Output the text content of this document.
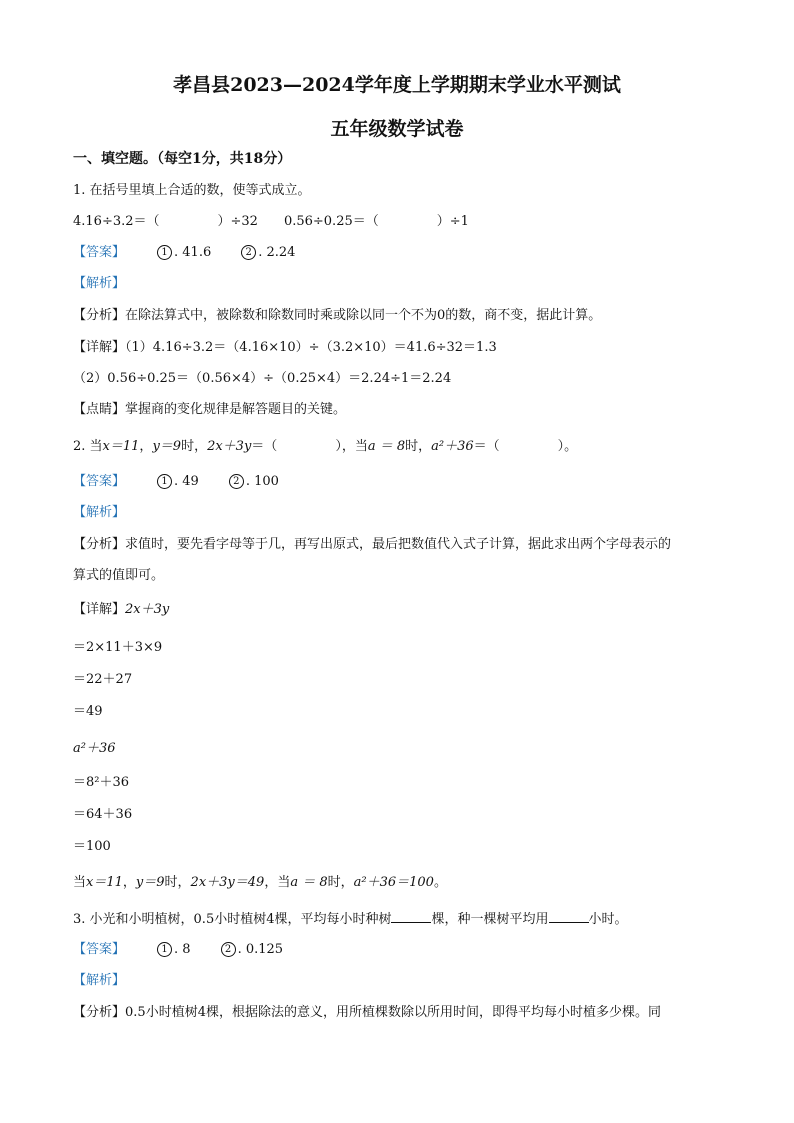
孝昌县2023—2024学年度上学期期末学业水平测试
五年级数学试卷
一、填空题。（每空1分，共18分）
1. 在括号里填上合适的数，使等式成立。
4.16÷3.2＝（	）÷32 0.56÷0.25＝（	）÷1
【答案】	1 . 41.6	2 . 2.24
【解析】
【分析】在除法算式中，被除数和除数同时乘或除以同一个不为0的数，商不变，据此计算。
【详解】（1）4.16÷3.2＝（4.16×10）÷（3.2×10）＝41.6÷32＝1.3
（2）0.56÷0.25＝（0.56×4）÷（0.25×4）＝2.24÷1＝2.24
【点睛】掌握商的变化规律是解答题目的关键。
2. 当x＝11，y＝9时，2x＋3y＝（	），当a ＝ 8时，a²＋36＝（	）。
【答案】	1 . 49	2 . 100
【解析】
【分析】求值时，要先看字母等于几，再写出原式，最后把数值代入式子计算，据此求出两个字母表示的
算式的值即可。
【详解】2x＋3y
＝2×11＋3×9
＝22＋27
＝49
a²＋36
＝8²＋36
＝64＋36
＝100
当x＝11，y＝9时，2x＋3y＝49，当a ＝ 8时，a²＋36＝100。
3. 小光和小明植树，0.5小时植树4棵，平均每小时种树	棵，种一棵树平均用	小时。
【答案】	1 . 8	2 . 0.125
【解析】
【分析】0.5小时植树4棵，根据除法的意义，用所植棵数除以所用时间，即得平均每小时植多少棵。同
